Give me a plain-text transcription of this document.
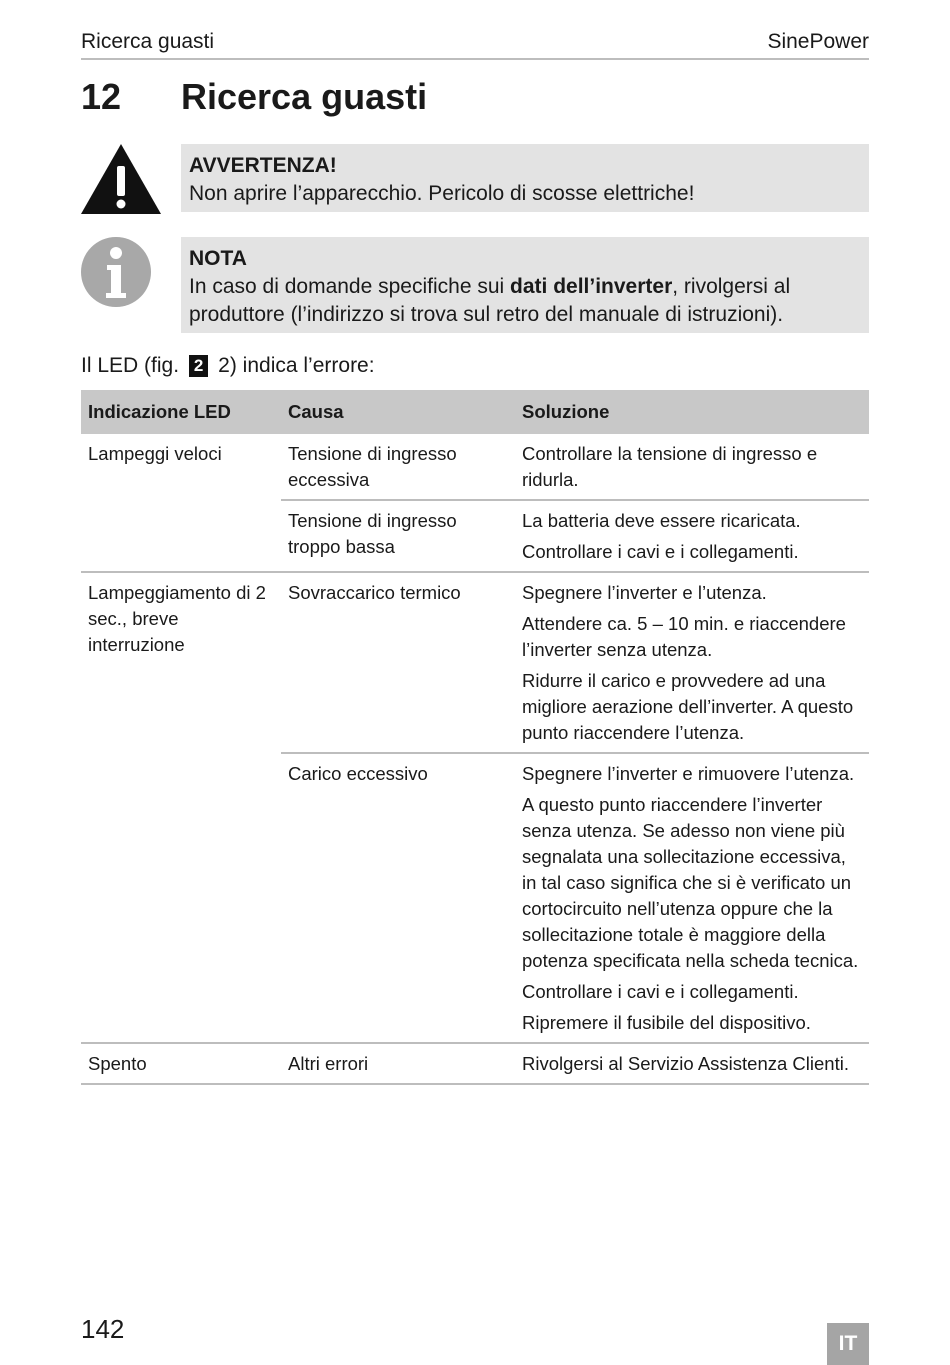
Ricerca guasti	SinePower
12 Ricerca guasti
AVVERTENZA!
Non aprire l’apparecchio. Pericolo di scosse elettriche!
NOTA
In caso di domande specifiche sui dati dell’inverter, rivolgersi al produttore (l’indirizzo si trova sul retro del manuale di istruzioni).
Il LED (fig. 2 2) indica l’errore:
Indicazione LED	Causa	Soluzione
Lampeggi veloci	Tensione di ingresso eccessiva	Controllare la tensione di ingresso e ridurla.

	Tensione di ingresso troppo bassa	La batteria deve essere ricaricata.

Controllare i cavi e i collegamenti.

Lampeggiamento di 2 sec., breve interruzione	Sovraccarico termico	Spegnere l’inverter e l’utenza.

Attendere ca. 5 – 10 min. e riaccendere l’inverter senza utenza.

Ridurre il carico e provvedere ad una migliore aerazione dell’inverter. A questo punto riaccendere l’utenza.

	Carico eccessivo	Spegnere l’inverter e rimuovere l’utenza.

A questo punto riaccendere l’inverter senza utenza. Se adesso non viene più segnalata una sollecitazione eccessiva, in tal caso significa che si è verificato un cortocircuito nell’utenza oppure che la sollecitazione totale è maggiore della potenza specificata nella scheda tecnica.

Controllare i cavi e i collegamenti.

Ripremere il fusibile del dispositivo.

Spento	Altri errori	Rivolgersi al Servizio Assistenza Clienti.

142	IT
